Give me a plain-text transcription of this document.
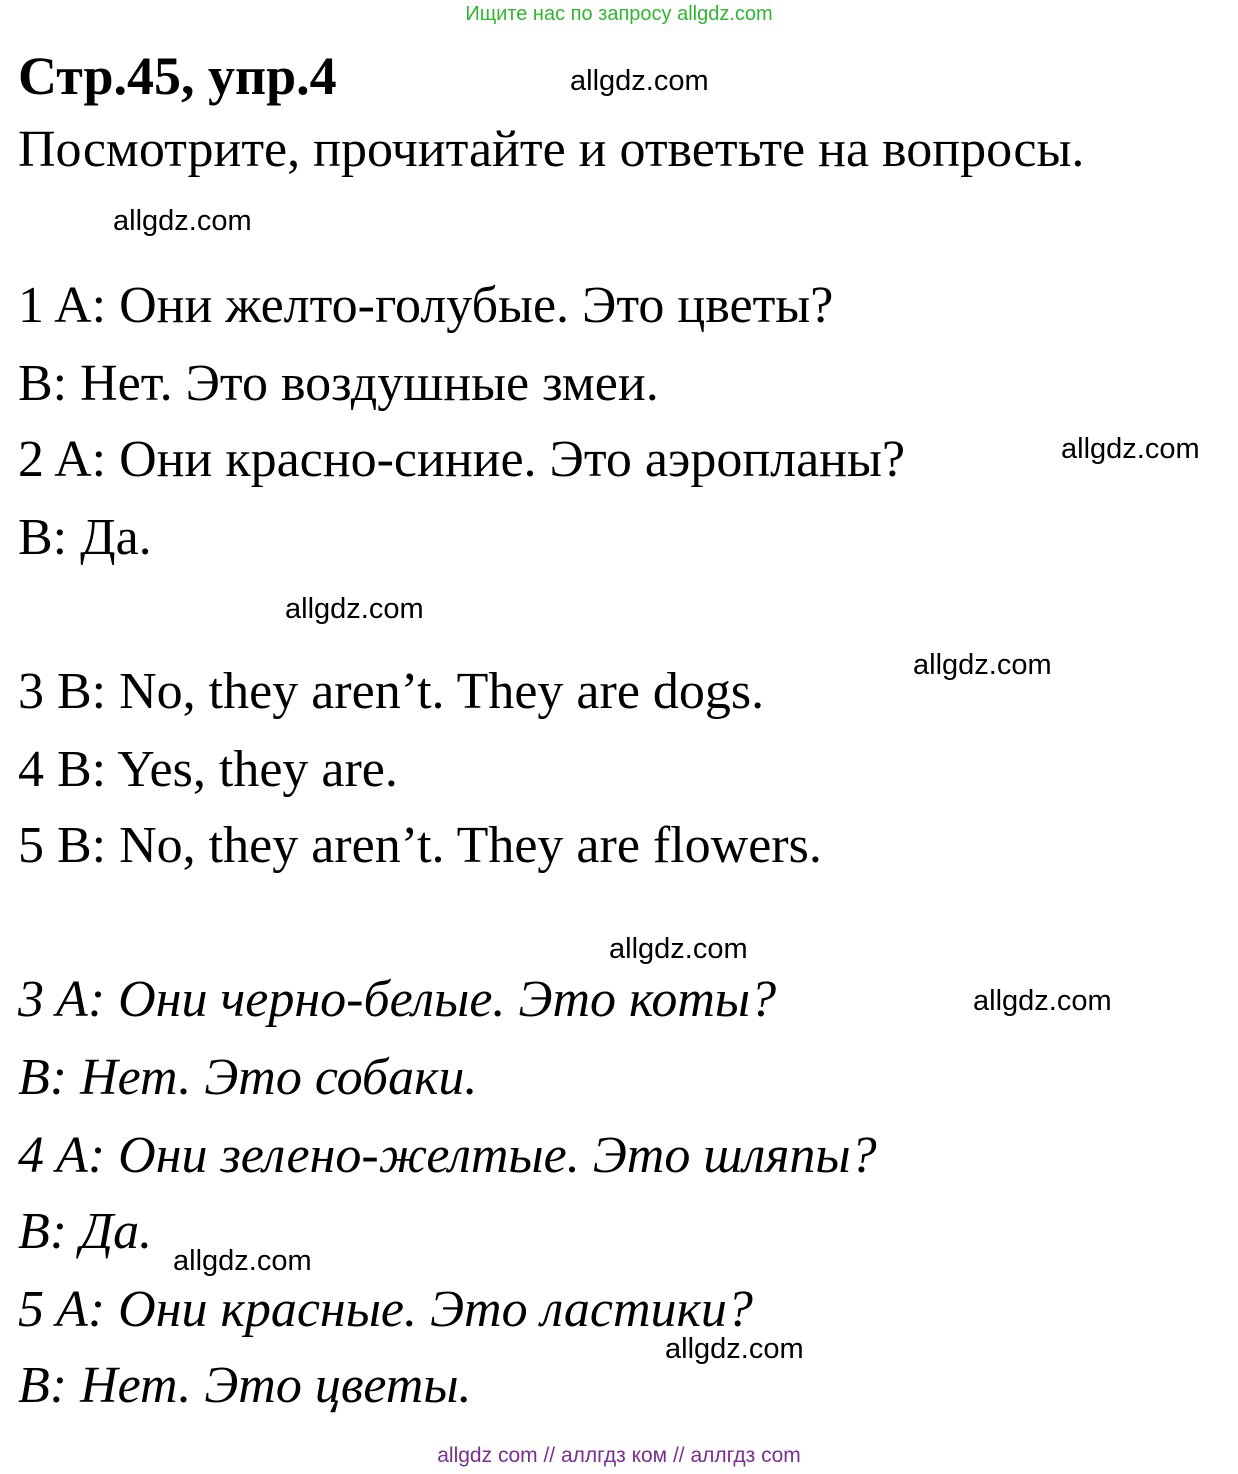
Ищите нас по запросу allgdz.com
Стр.45, упр.4
Посмотрите, прочитайте и ответьте на вопросы.
1 A: Они желто-голубые. Это цветы?
B: Нет. Это воздушные змеи.
2 A: Они красно-синие. Это аэропланы?
B: Да.
3 B: No, they aren’t. They are dogs.
4 B: Yes, they are.
5 B: No, they aren’t. They are flowers.
3 A: Они черно-белые. Это коты?
B: Нет. Это собаки.
4 A: Они зелено-желтые. Это шляпы?
B: Да.
5 A: Они красные. Это ластики?
B: Нет. Это цветы.
allgdz.com
allgdz.com
allgdz.com
allgdz.com
allgdz.com
allgdz.com
allgdz.com
allgdz.com
allgdz.com
allgdz com // аллгдз ком // аллгдз com
